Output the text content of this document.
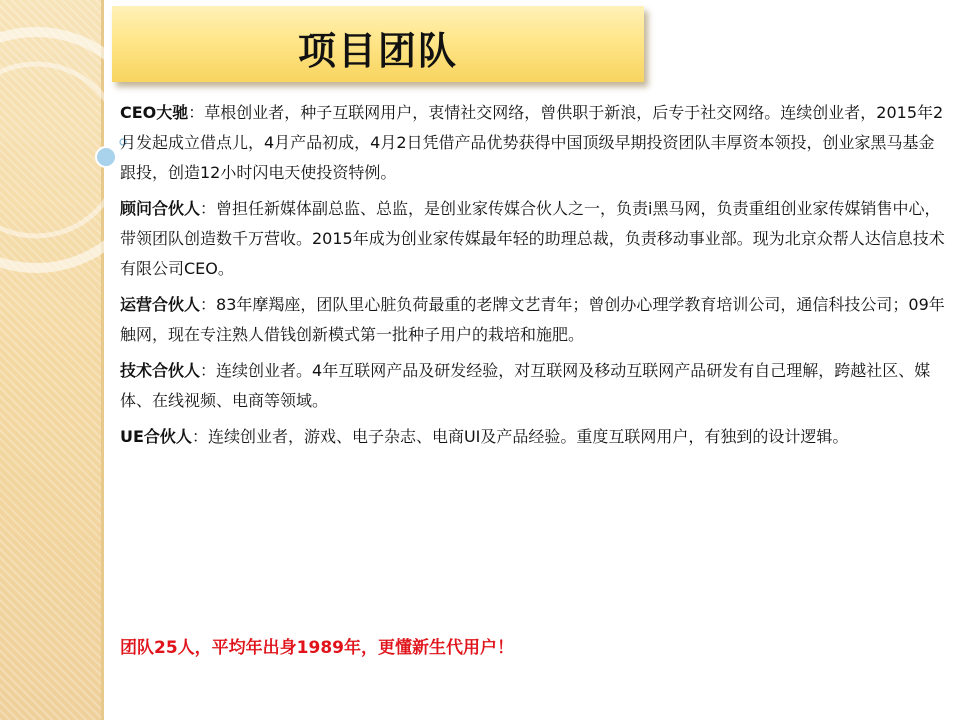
项目团队

CEO大驰：草根创业者，种子互联网用户，衷情社交网络，曾供职于新浪，后专于社交网络。连续创业者，2015年2月发起成立借点儿，4月产品初成，4月2日凭借产品优势获得中国顶级早期投资团队丰厚资本领投，创业家黑马基金跟投，创造12小时闪电天使投资特例。

顾问合伙人：曾担任新媒体副总监、总监，是创业家传媒合伙人之一，负责i黑马网，负责重组创业家传媒销售中心，带领团队创造数千万营收。2015年成为创业家传媒最年轻的助理总裁，负责移动事业部。现为北京众帮人达信息技术有限公司CEO。

运营合伙人：83年摩羯座，团队里心脏负荷最重的老牌文艺青年；曾创办心理学教育培训公司，通信科技公司；09年触网，现在专注熟人借钱创新模式第一批种子用户的栽培和施肥。

技术合伙人：连续创业者。4年互联网产品及研发经验，对互联网及移动互联网产品研发有自己理解，跨越社区、媒体、在线视频、电商等领域。

UE合伙人：连续创业者，游戏、电子杂志、电商UI及产品经验。重度互联网用户，有独到的设计逻辑。

团队25人，平均年出身1989年，更懂新生代用户！
